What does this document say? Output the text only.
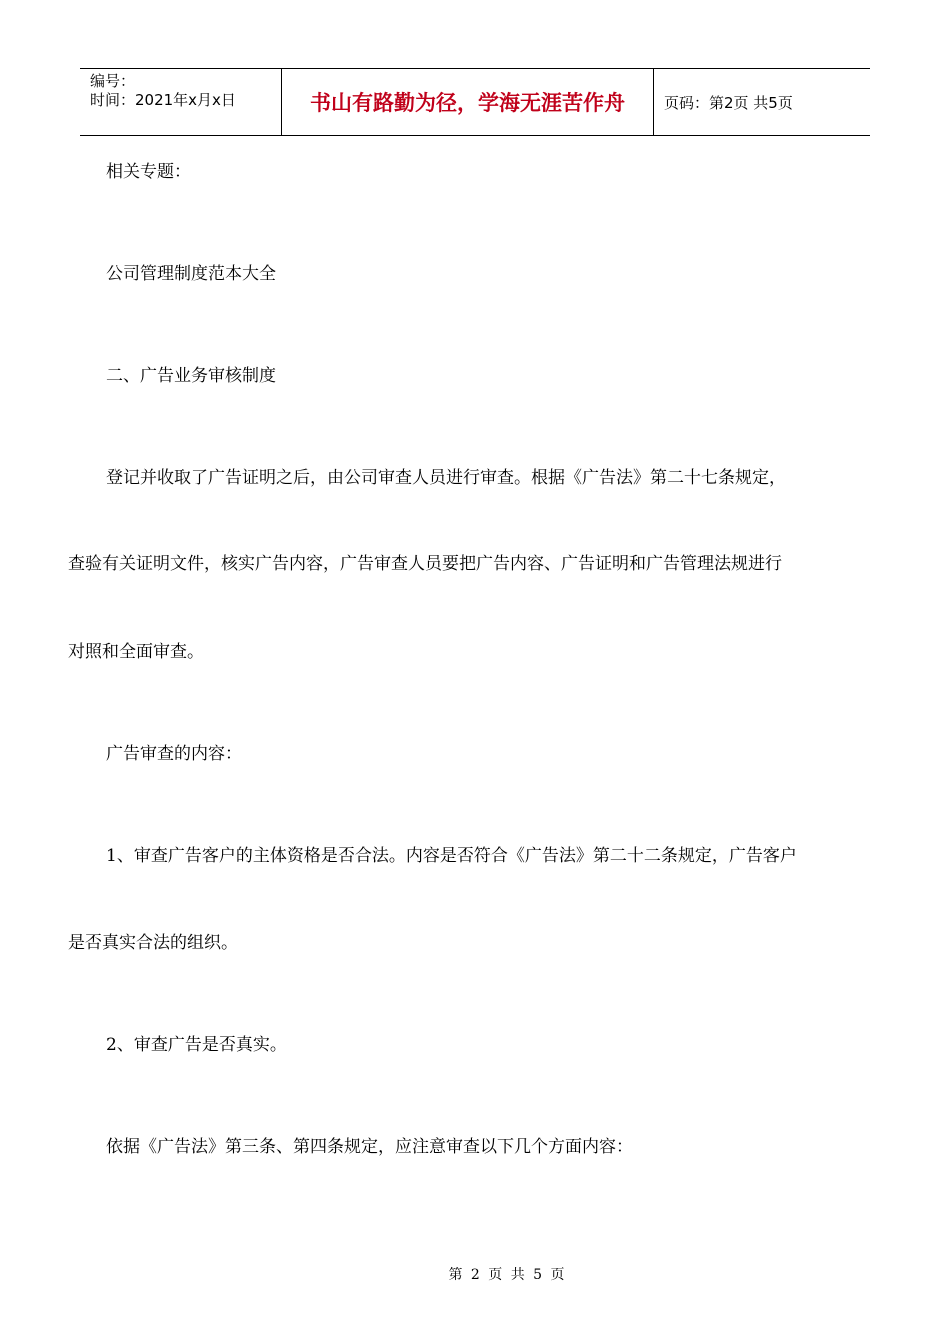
编号：
时间：2021年x月x日	书山有路勤为径，学海无涯苦作舟	页码：第2页 共5页
相关专题：
公司管理制度范本大全
二、广告业务审核制度
登记并收取了广告证明之后，由公司审查人员进行审查。根据《广告法》第二十七条规定，
查验有关证明文件，核实广告内容，广告审查人员要把广告内容、广告证明和广告管理法规进行
对照和全面审查。
广告审查的内容：
1、审查广告客户的主体资格是否合法。内容是否符合《广告法》第二十二条规定，广告客户
是否真实合法的组织。
2、审查广告是否真实。
依据《广告法》第三条、第四条规定，应注意审查以下几个方面内容：
第 2 页 共 5 页
